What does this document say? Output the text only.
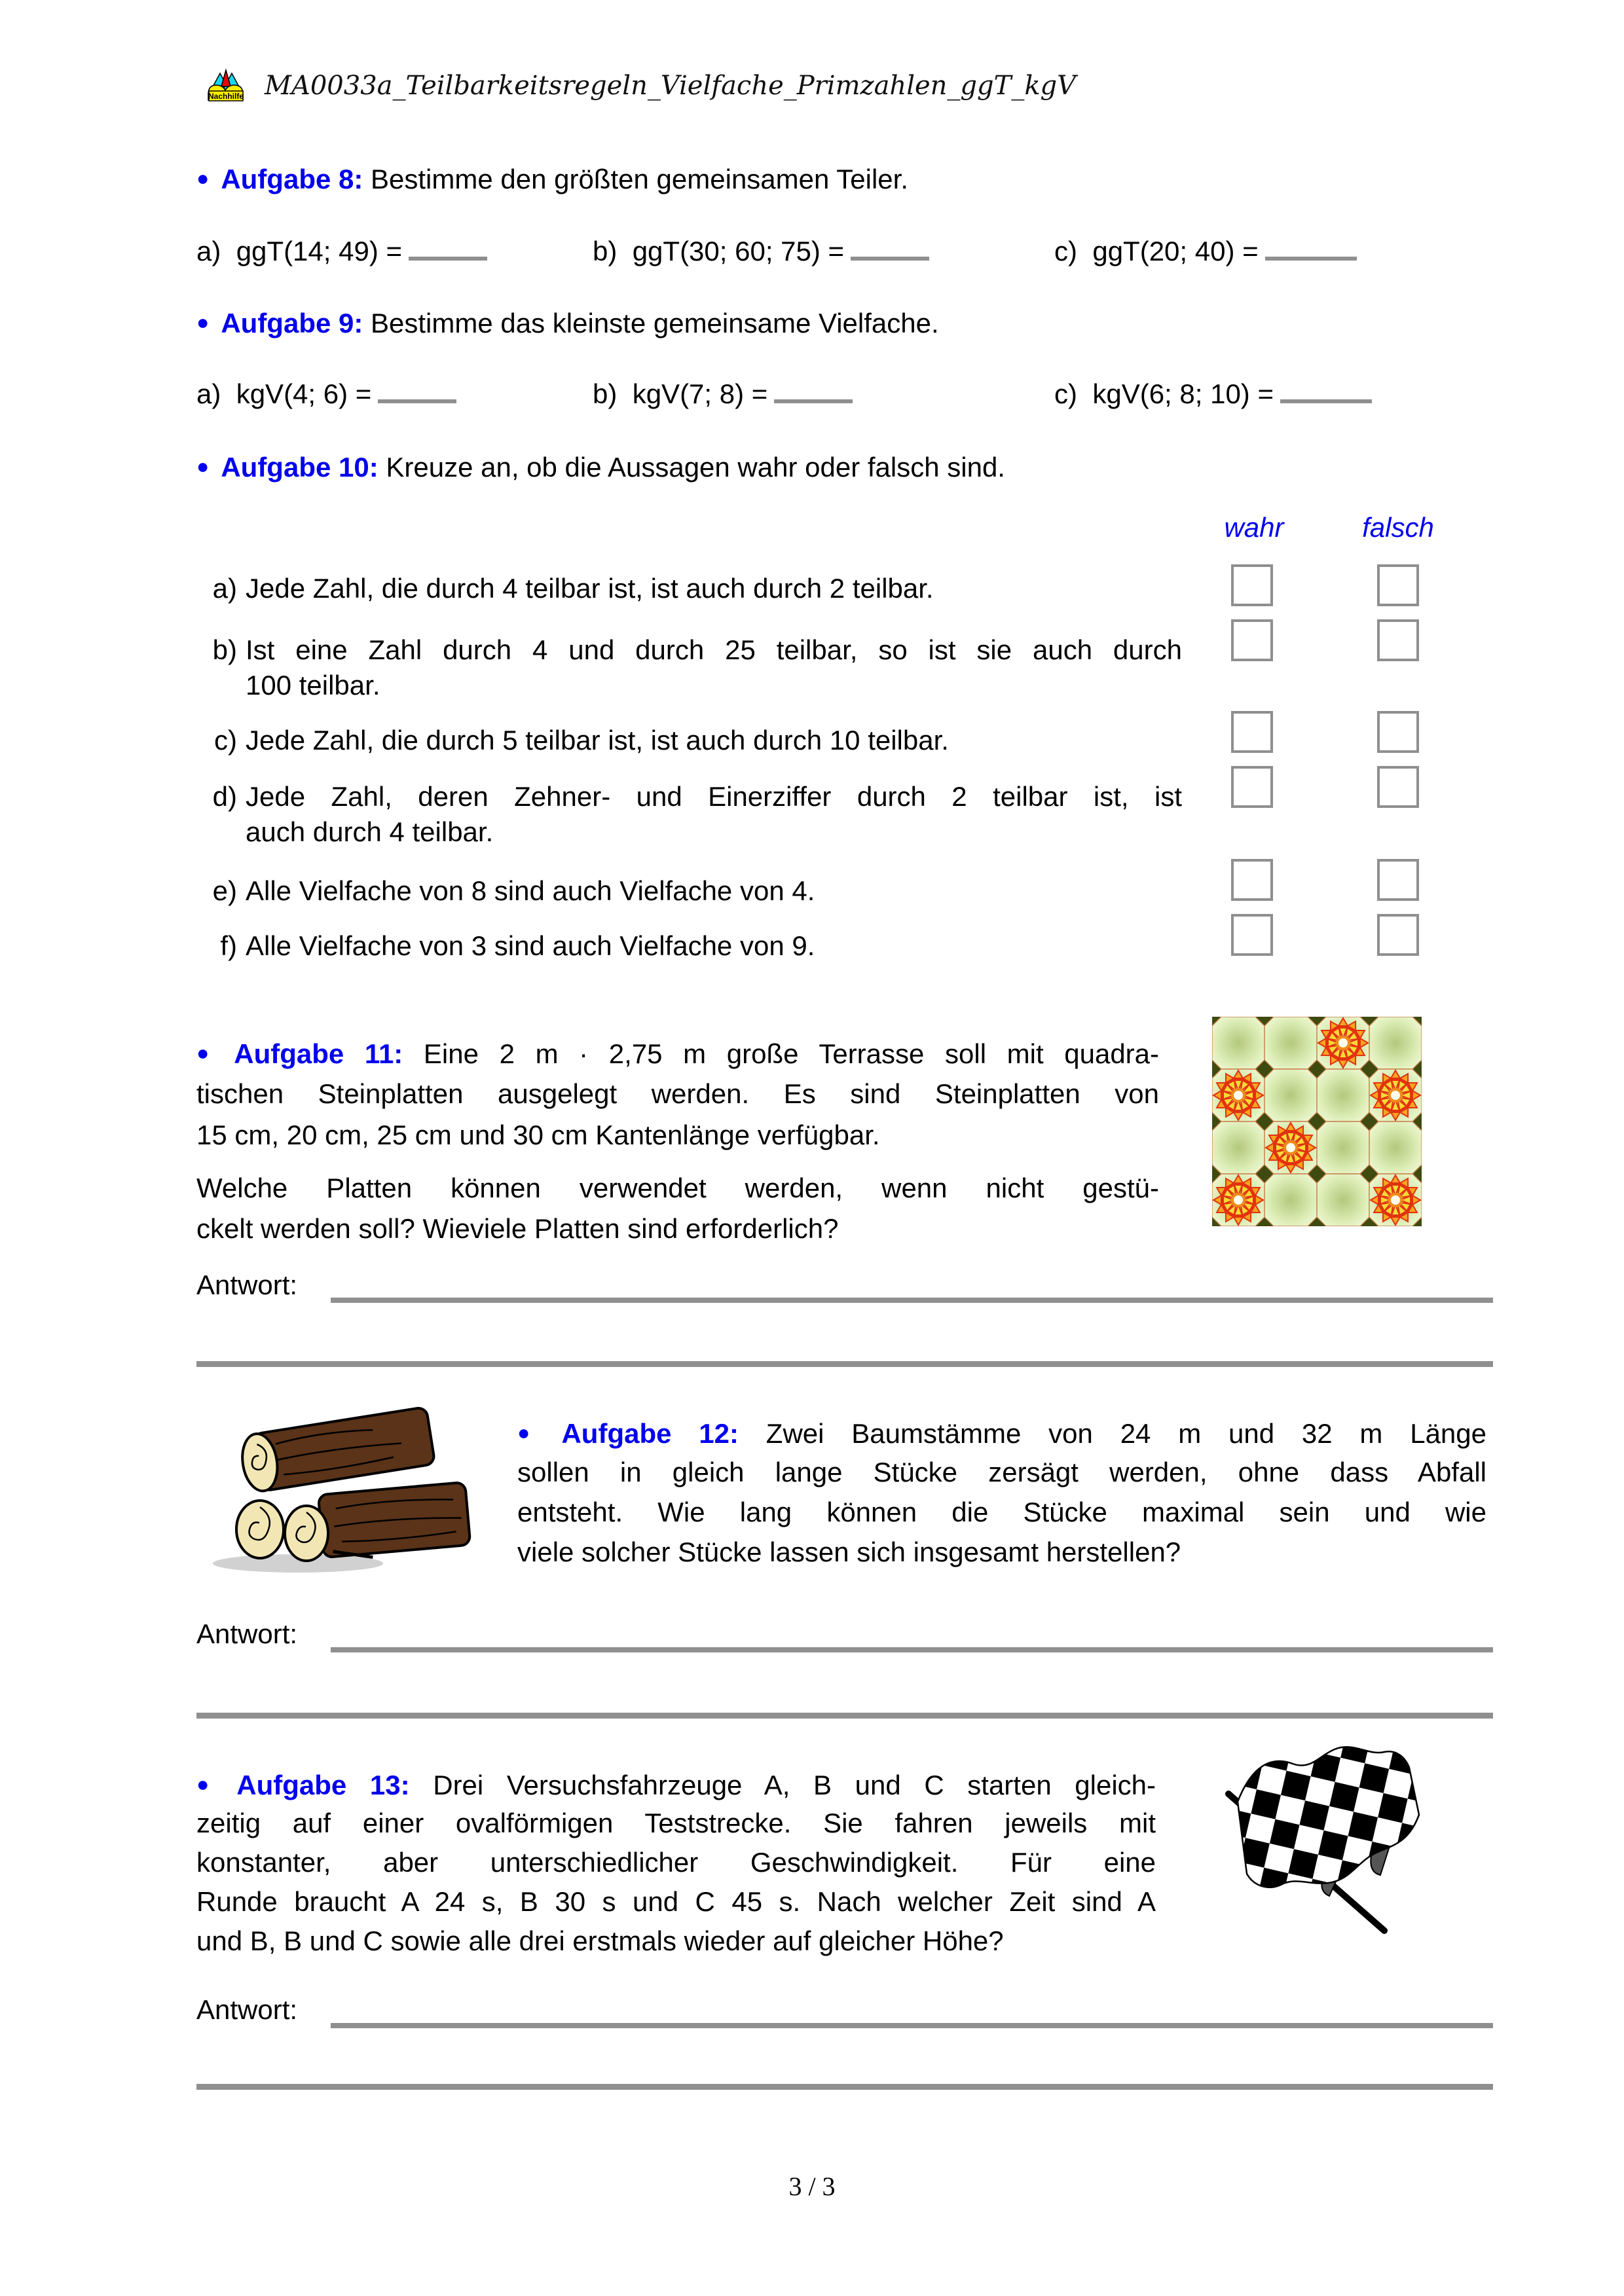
Nachhilfe MA0033a_Teilbarkeitsregeln_Vielfache_Primzahlen_ggT_kgV
● Aufgabe 8: Bestimme den größten gemeinsamen Teiler.
a) ggT(14; 49) =	b) ggT(30; 60; 75) =	c) ggT(20; 40) =
● Aufgabe 9: Bestimme das kleinste gemeinsame Vielfache.
a) kgV(4; 6) =	b) kgV(7; 8) =	c) kgV(6; 8; 10) =
● Aufgabe 10: Kreuze an, ob die Aussagen wahr oder falsch sind.
wahr	falsch
a) Jede Zahl, die durch 4 teilbar ist, ist auch durch 2 teilbar.
b) Ist eine Zahl durch 4 und durch 25 teilbar, so ist sie auch durch
100 teilbar.
c) Jede Zahl, die durch 5 teilbar ist, ist auch durch 10 teilbar.
d) Jede Zahl, deren Zehner- und Einerziffer durch 2 teilbar ist, ist
auch durch 4 teilbar.
e) Alle Vielfache von 8 sind auch Vielfache von 4.
f) Alle Vielfache von 3 sind auch Vielfache von 9.
● Aufgabe 11: Eine 2 m · 2,75 m große Terrasse soll mit quadra-
tischen Steinplatten ausgelegt werden. Es sind Steinplatten von
15 cm, 20 cm, 25 cm und 30 cm Kantenlänge verfügbar.
Welche Platten können verwendet werden, wenn nicht gestü-
ckelt werden soll? Wieviele Platten sind erforderlich?
Antwort:
● Aufgabe 12: Zwei Baumstämme von 24 m und 32 m Länge
sollen in gleich lange Stücke zersägt werden, ohne dass Abfall
entsteht. Wie lang können die Stücke maximal sein und wie
viele solcher Stücke lassen sich insgesamt herstellen?
Antwort:
● Aufgabe 13: Drei Versuchsfahrzeuge A, B und C starten gleich-
zeitig auf einer ovalförmigen Teststrecke. Sie fahren jeweils mit
konstanter, aber unterschiedlicher Geschwindigkeit. Für eine
Runde braucht A 24 s, B 30 s und C 45 s. Nach welcher Zeit sind A
und B, B und C sowie alle drei erstmals wieder auf gleicher Höhe?
Antwort:
3 / 3
